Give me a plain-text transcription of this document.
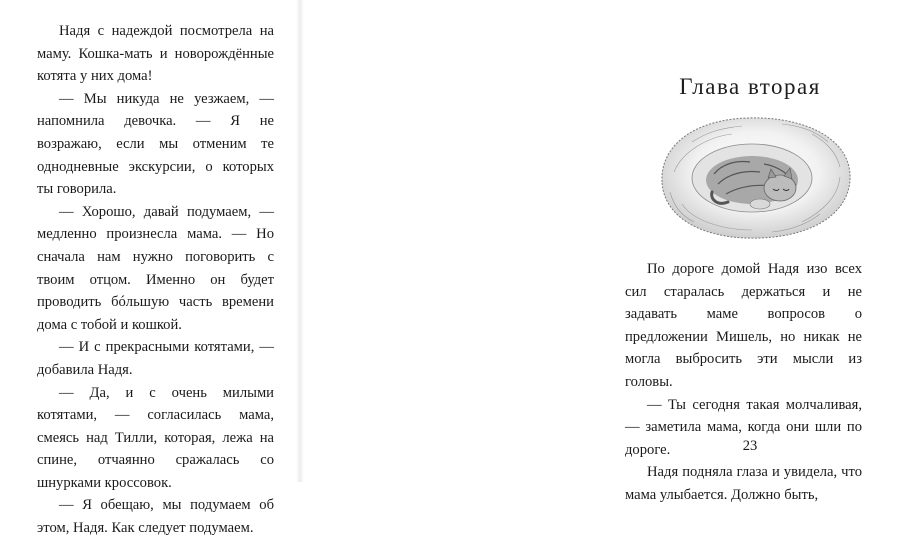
Надя с надеждой посмотрела на маму. Кошка-мать и новорождённые котята у них дома!

— Мы никуда не уезжаем, — напомнила девочка. — Я не возражаю, если мы отменим те однодневные экскурсии, о которых ты говорила.

— Хорошо, давай подумаем, — медленно произнесла мама. — Но сначала нам нужно поговорить с твоим отцом. Именно он будет проводить бóльшую часть времени дома с тобой и кошкой.

— И с прекрасными котятами, — добавила Надя.

— Да, и с очень милыми котятами, — согласилась мама, смеясь над Тилли, которая, лежа на спине, отчаянно сражалась со шнурками кроссовок.

— Я обещаю, мы подумаем об этом, Надя. Как следует подумаем.

Глава вторая

По дороге домой Надя изо всех сил старалась держаться и не задавать маме вопросов о предложении Мишель, но никак не могла выбросить эти мысли из головы.

— Ты сегодня такая молчаливая, — заметила мама, когда они шли по дороге.

Надя подняла глаза и увидела, что мама улыбается. Должно быть,

23
